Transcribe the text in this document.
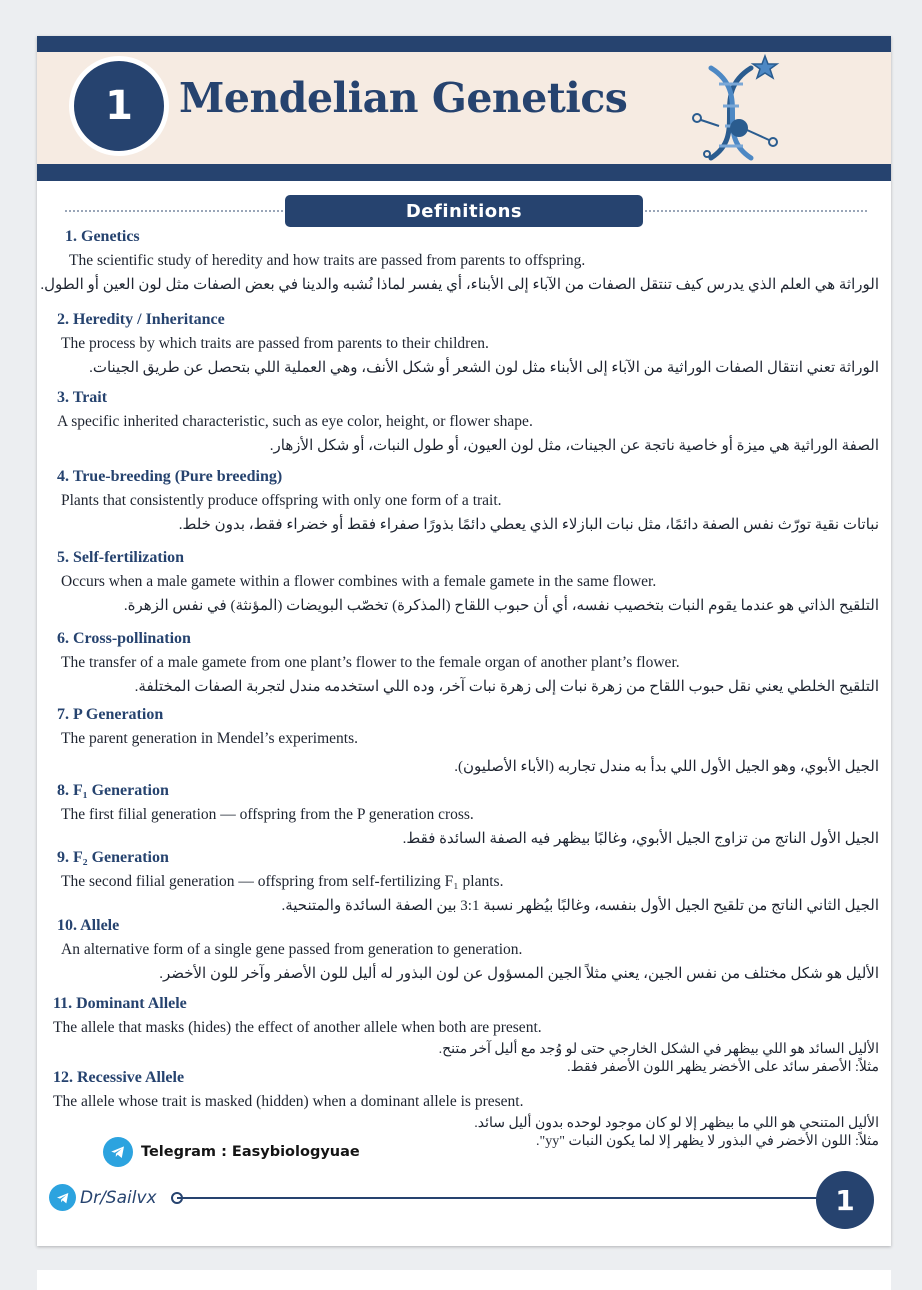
1	Mendelian Genetics
Definitions
1. Genetics
The scientific study of heredity and how traits are passed from parents to offspring.
الوراثة هي العلم الذي يدرس كيف تنتقل الصفات من الآباء إلى الأبناء، أي يفسر لماذا نُشبه والدينا في بعض الصفات مثل لون العين أو الطول.
2. Heredity / Inheritance
The process by which traits are passed from parents to their children.
الوراثة تعني انتقال الصفات الوراثية من الآباء إلى الأبناء مثل لون الشعر أو شكل الأنف، وهي العملية اللي بتحصل عن طريق الجينات.
3. Trait
A specific inherited characteristic, such as eye color, height, or flower shape.
الصفة الوراثية هي ميزة أو خاصية ناتجة عن الجينات، مثل لون العيون، أو طول النبات، أو شكل الأزهار.
4. True-breeding (Pure breeding)
Plants that consistently produce offspring with only one form of a trait.
نباتات نقية تورّث نفس الصفة دائمًا، مثل نبات البازلاء الذي يعطي دائمًا بذورًا صفراء فقط أو خضراء فقط، بدون خلط.
5. Self-fertilization
Occurs when a male gamete within a flower combines with a female gamete in the same flower.
التلقيح الذاتي هو عندما يقوم النبات بتخصيب نفسه، أي أن حبوب اللقاح (المذكرة) تخصّب البويضات (المؤنثة) في نفس الزهرة.
6. Cross-pollination
The transfer of a male gamete from one plant’s flower to the female organ of another plant’s flower.
التلقيح الخلطي يعني نقل حبوب اللقاح من زهرة نبات إلى زهرة نبات آخر، وده اللي استخدمه مندل لتجربة الصفات المختلفة.
7. P Generation
The parent generation in Mendel’s experiments.
الجيل الأبوي، وهو الجيل الأول اللي بدأ به مندل تجاربه (الأباء الأصليون).
8. F₁ Generation
The first filial generation — offspring from the P generation cross.
الجيل الأول الناتج من تزاوج الجيل الأبوي، وغالبًا بيظهر فيه الصفة السائدة فقط.
9. F₂ Generation
The second filial generation — offspring from self-fertilizing F₁ plants.
الجيل الثاني الناتج من تلقيح الجيل الأول بنفسه، وغالبًا بيُظهر نسبة 3:1 بين الصفة السائدة والمتنحية.
10. Allele
An alternative form of a single gene passed from generation to generation.
الأليل هو شكل مختلف من نفس الجين، يعني مثلاً الجين المسؤول عن لون البذور له أليل للون الأصفر وآخر للون الأخضر.
11. Dominant Allele
The allele that masks (hides) the effect of another allele when both are present.
الأليل السائد هو اللي بيظهر في الشكل الخارجي حتى لو وُجد مع أليل آخر متنح.
مثلاً: الأصفر سائد على الأخضر يظهر اللون الأصفر فقط.
12. Recessive Allele
The allele whose trait is masked (hidden) when a dominant allele is present.
الأليل المتنحي هو اللي ما بيظهر إلا لو كان موجود لوحده بدون أليل سائد.
مثلاً: اللون الأخضر في البذور لا يظهر إلا لما يكون النبات "yy".
Telegram : Easybiologyuae
Dr/Sailvx	1
